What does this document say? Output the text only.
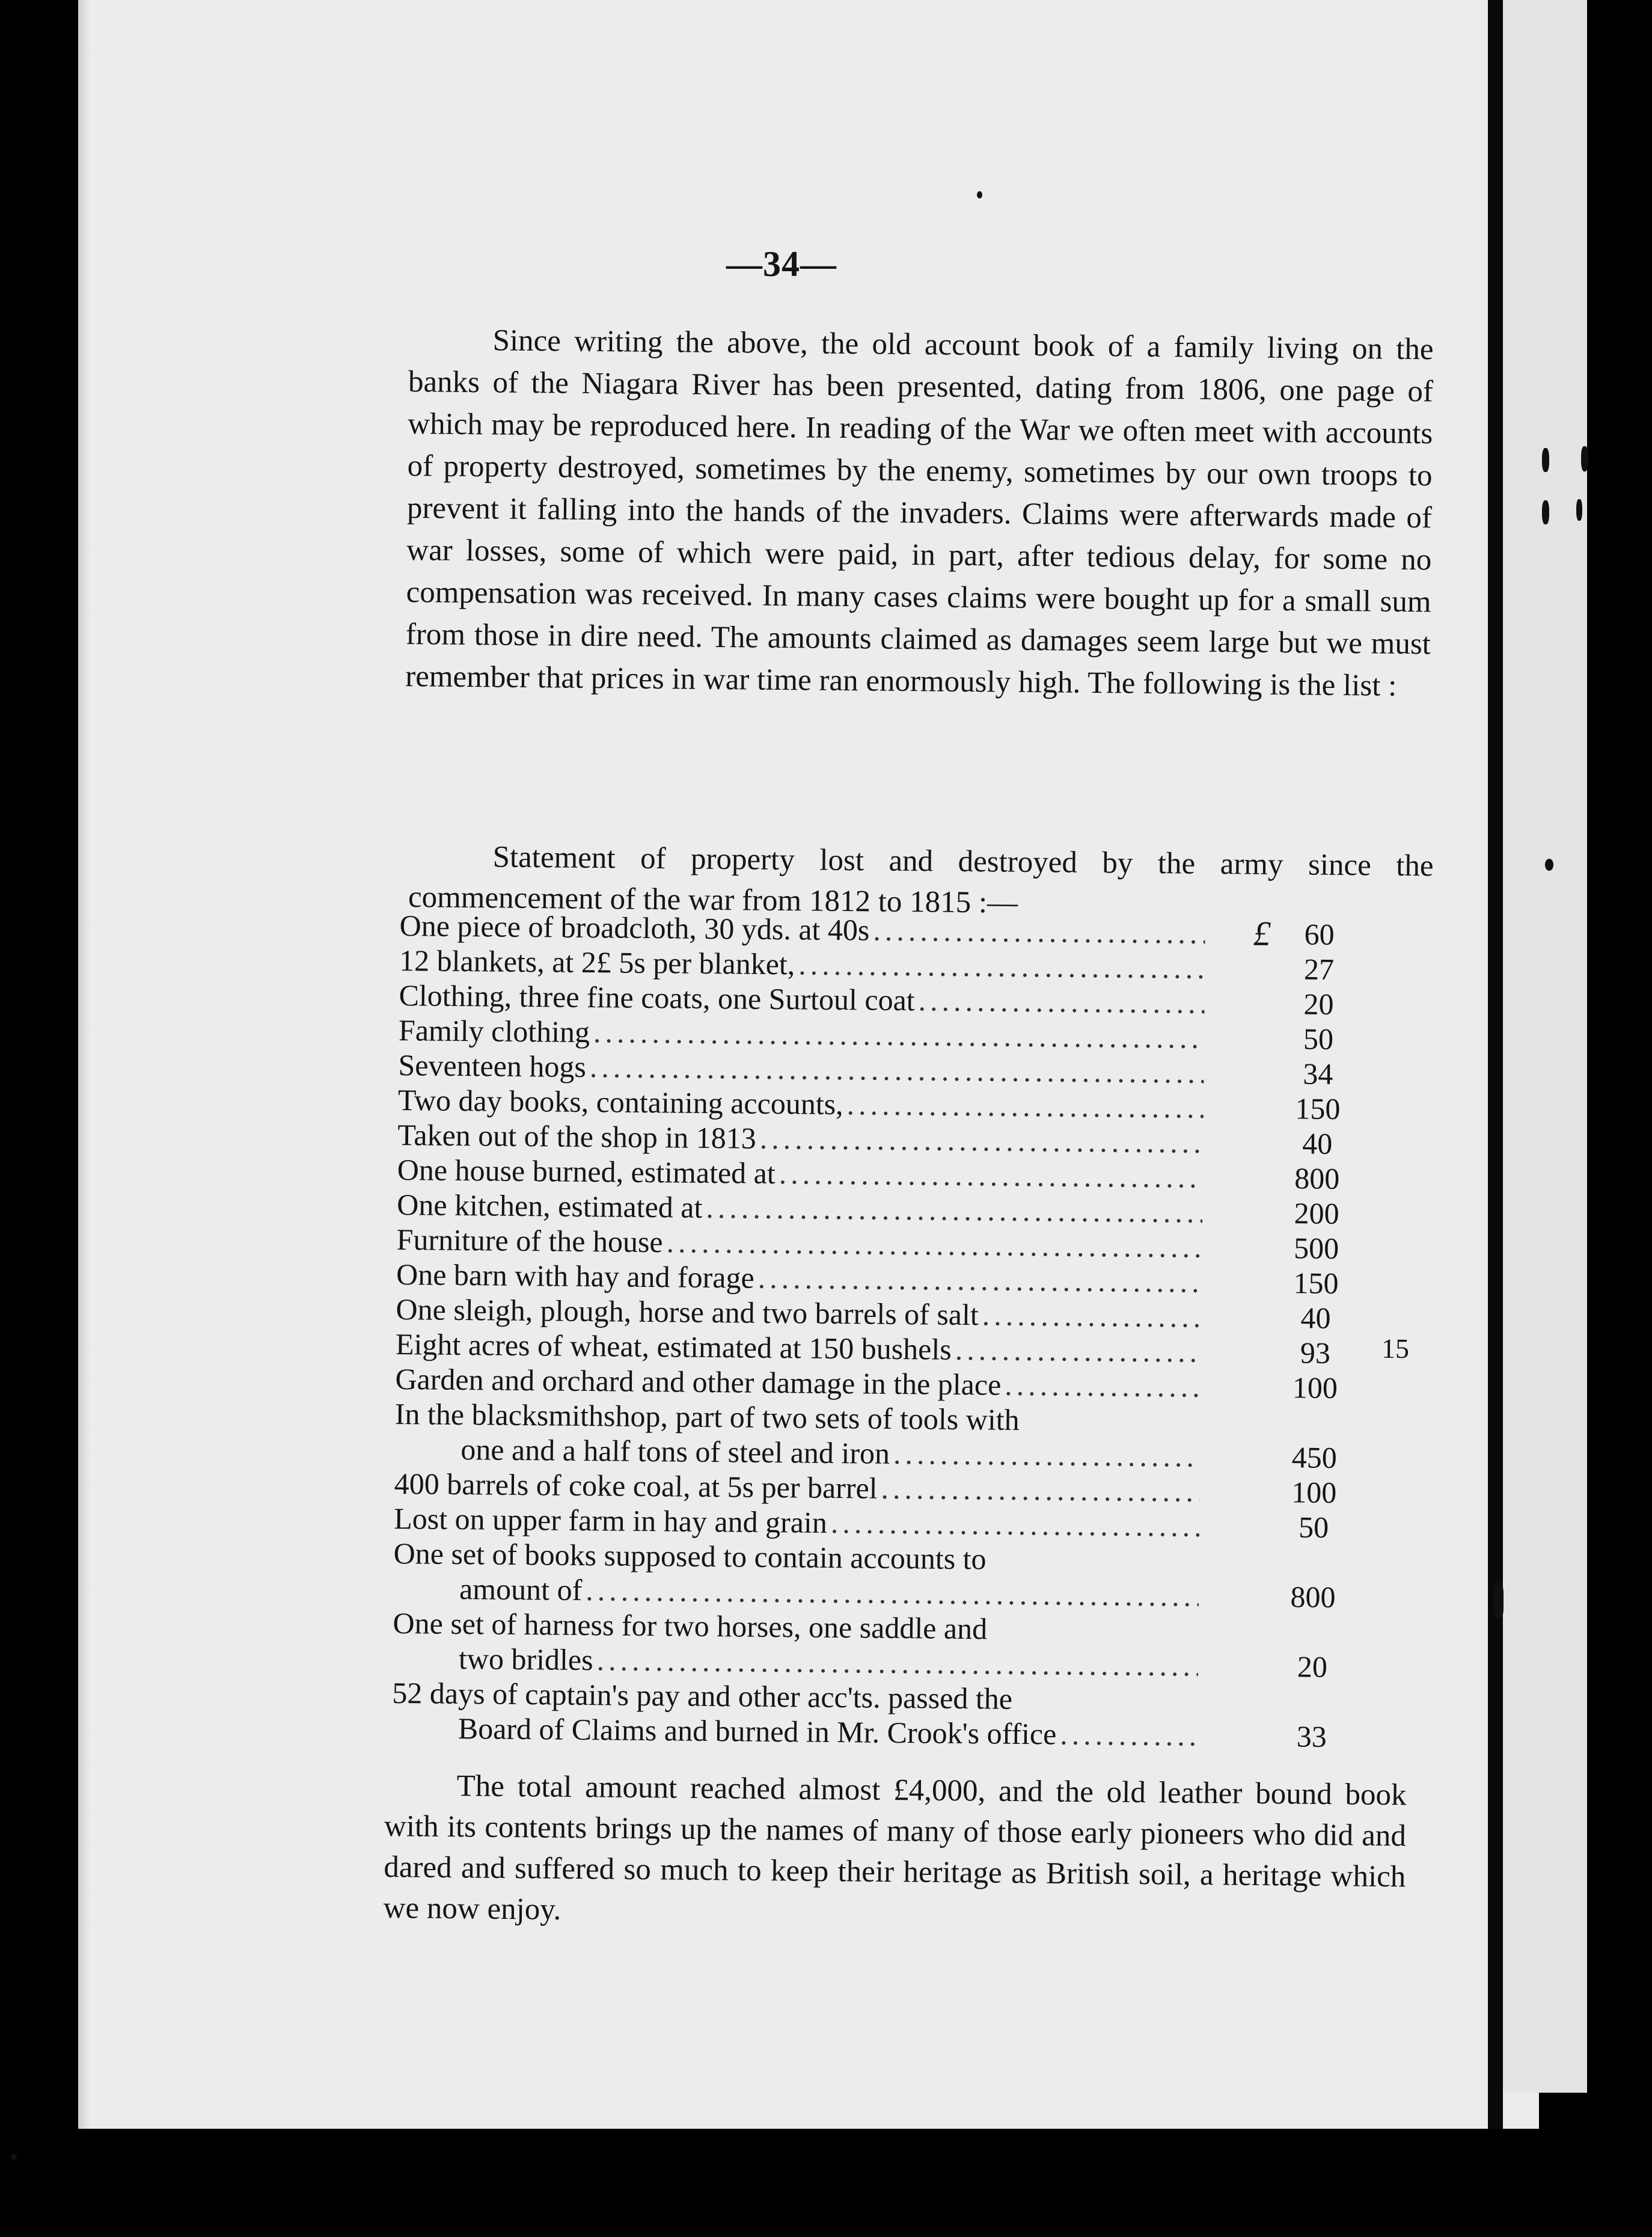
—34—

Since writing the above, the old account book of a family living on the banks of the Niagara River has been presented, dating from 1806, one page of which may be reproduced here. In reading of the War we often meet with accounts of property destroyed, sometimes by the enemy, sometimes by our own troops to prevent it falling into the hands of the invaders. Claims were afterwards made of war losses, some of which were paid, in part, after tedious delay, for some no compensation was received. In many cases claims were bought up for a small sum from those in dire need. The amounts claimed as damages seem large but we must remember that prices in war time ran enormously high. The following is the list :

Statement of property lost and destroyed by the army since the commencement of the war from 1812 to 1815 :—

One piece of broadcloth, 30 yds. at 40s .....	£	60
12 blankets, at 2£ 5s per blanket, .....	27
Clothing, three fine coats, one Surtoul coat .....	20
Family clothing .....	50
Seventeen hogs .....	34
Two day books, containing accounts, .....	150
Taken out of the shop in 1813 .....	40
One house burned, estimated at .....	800
One kitchen, estimated at .....	200
Furniture of the house .....	500
One barn with hay and forage .....	150
One sleigh, plough, horse and two barrels of salt .....	40
Eight acres of wheat, estimated at 150 bushels .....	93	15
Garden and orchard and other damage in the place .....	100
In the blacksmithshop, part of two sets of tools with
one and a half tons of steel and iron .....	450
400 barrels of coke coal, at 5s per barrel .....	100
Lost on upper farm in hay and grain .....	50
One set of books supposed to contain accounts to
amount of .....	800
One set of harness for two horses, one saddle and
two bridles .....	20
52 days of captain's pay and other acc'ts. passed the
Board of Claims and burned in Mr. Crook's office .....	33

The total amount reached almost £4,000, and the old leather bound book with its contents brings up the names of many of those early pioneers who did and dared and suffered so much to keep their heritage as British soil, a heritage which we now enjoy.
